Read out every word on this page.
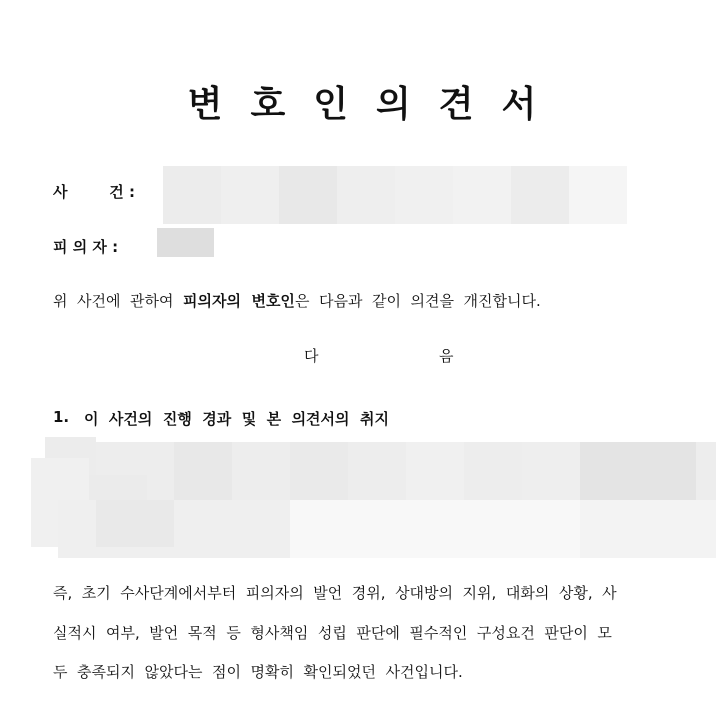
변호인의견서
사        건 :
피 의 자 :
위  사건에  관하여  피의자의  변호인은  다음과  같이  의견을  개진합니다.
다	음
1. 이  사건의  진행  경과  및  본  의견서의  취지
즉,  초기  수사단계에서부터  피의자의  발언  경위,  상대방의  지위,  대화의  상황,  사
실적시  여부,  발언  목적  등  형사책임  성립  판단에  필수적인  구성요건  판단이  모
두  충족되지  않았다는  점이  명확히  확인되었던  사건입니다.
